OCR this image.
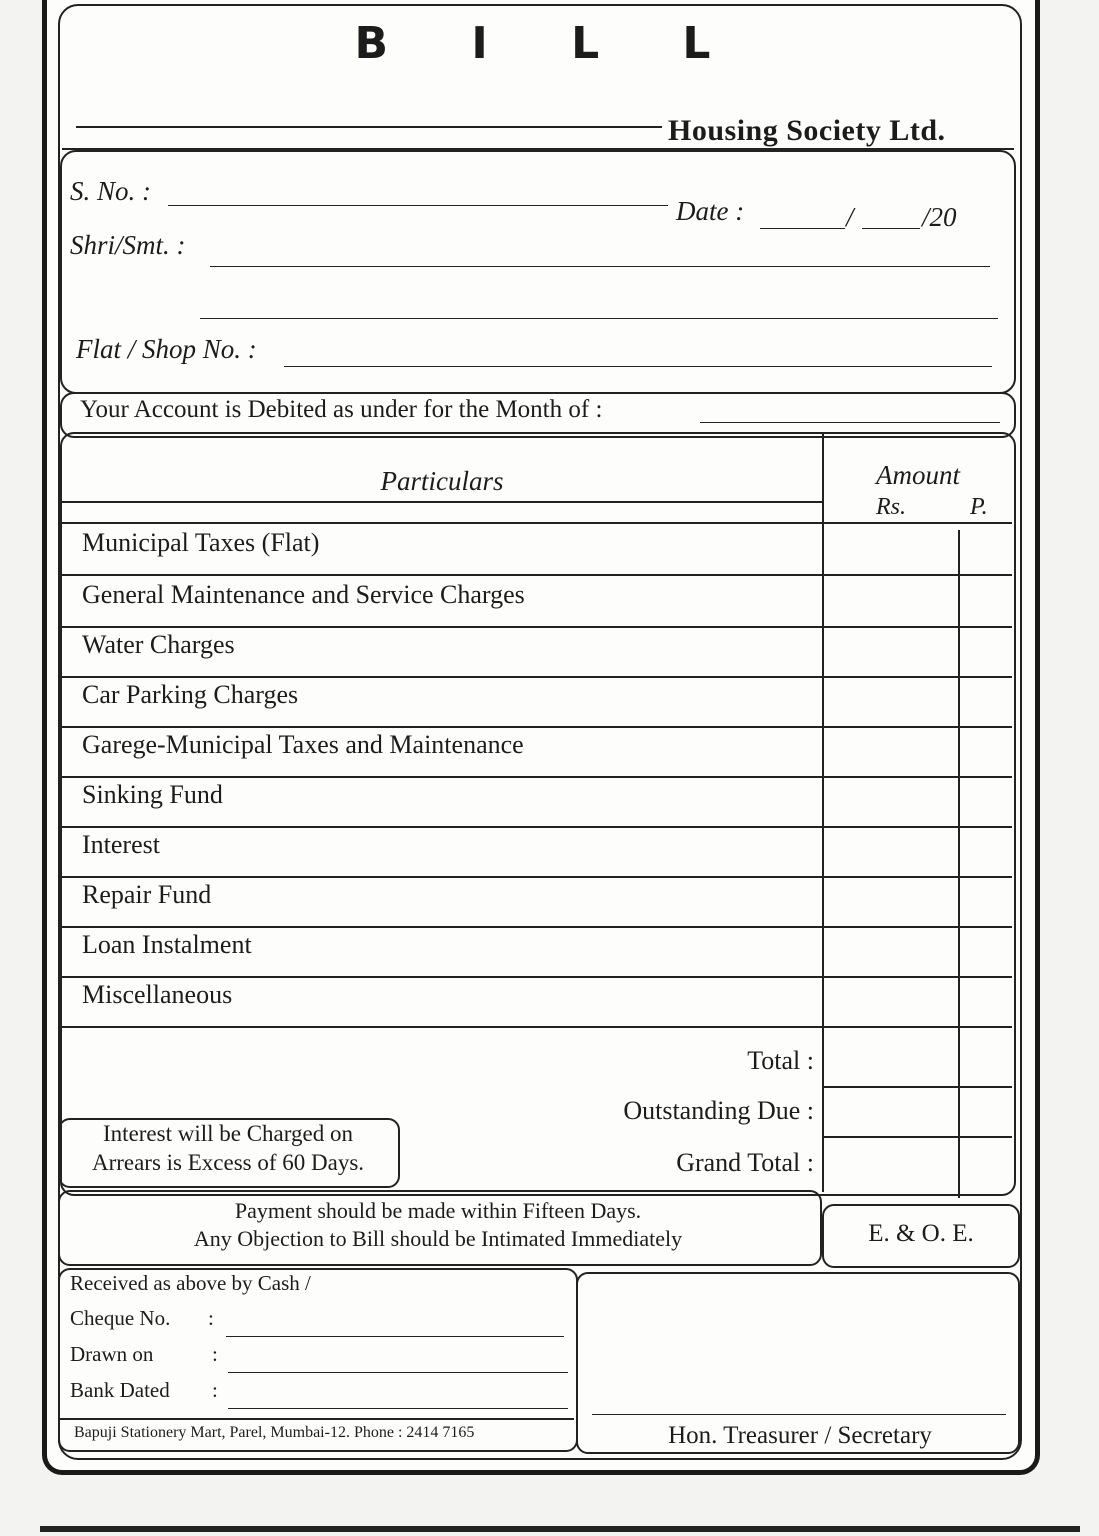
B I L L
Housing Society Ltd.
S. No. :
Date :	/	/20
Shri/Smt. :
Flat / Shop No. :
Your Account is Debited as under for the Month of :
Particulars	Amount
Rs.	P.
Municipal Taxes (Flat)
General Maintenance and Service Charges
Water Charges
Car Parking Charges
Garege-Municipal Taxes and Maintenance
Sinking Fund
Interest
Repair Fund
Loan Instalment
Miscellaneous
Total :
Outstanding Due :
Grand Total :
Interest will be Charged on
Arrears is Excess of 60 Days.
Payment should be made within Fifteen Days.
Any Objection to Bill should be Intimated Immediately	E. & O. E.
Received as above by Cash /
Cheque No. :
Drawn on	:
Bank Dated :
Bapuji Stationery Mart, Parel, Mumbai-12. Phone : 2414 7165	Hon. Treasurer / Secretary
